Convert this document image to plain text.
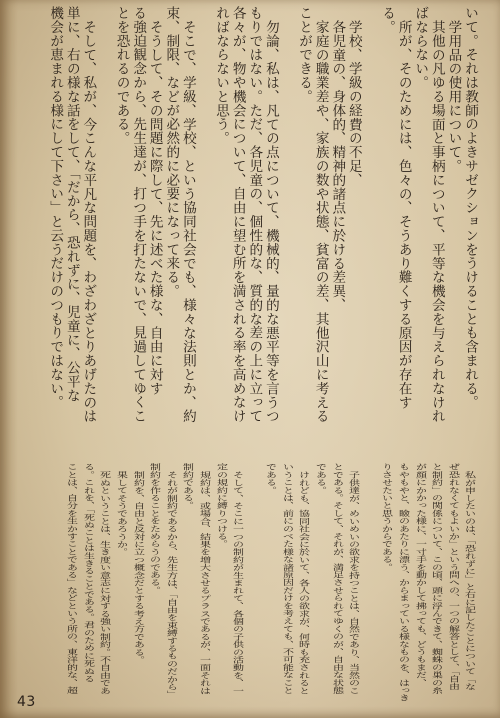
いて。それは教師のよきサゼクションをうけることも含まれる。
学用品の使用について。
其他の凡ゆる場面と事柄について、平等な機会を与えられなけれ
ばならない。
所が、そのためには、色々の、そうあり難くする原因が存在す
る。
学校、学級の経費の不足、
各児童の、身体的、精神的諸点に於ける差異、
家庭の職業差や、家族の数や状態、貧富の差、其他沢山に考える
ことができる。
勿論、私は、凡ての点について、機械的、量的な悪平等を言うつ
もりではない。ただ、各児童の、個性的な、質的な差の上に立って
各々が、物や機会について、自由に望む所を満される率を高めなけ
ればならないと思う。
そこで、学級、学校、という協同社会でも、様々な法則とか、約
束、制限、などが必然的に必要になって来る。
そうして、その問題に際して、先に述べた様な、自由に対す
る強迫観念から、先生達が、打つ手を打たないで、見過してゆくこ
とを恐れるのである。
そして、私が、今こんな平凡な問題を、わざわざとりあげたのは
単に、右の様な話をして、「だから、恐れずに、児童に、公平な
機会が恵まれる様にして下さい」と云うだけのつもりではない。
私が申したいのは、「恐れずに」と右に記したことについて「な
ぜ恐れなくてもよいか」という問への、一つの解答として、「自由
と制約」の関係について、この頃、頭に浮んできて、蜘蛛の巣の糸
が顔にかかった様に、一寸手を動かして拂っても、どうもまだ、
もやもやと、瞼のあたりに漂う、からまっている様なものを、はっき
りさせたいと思うからである。
子供達が、めいめいの欲求を持つことは、自然であり、当然のこ
とである。そして、それが、満足させられてゆくのが、自由な状態
である。
けれども、協同社会に於いて、各人の欲求が、何時も充されると
いうことは、前にのべた様な諸原因だけを考えても、不可能なこと
である。
そして、そこに一つの制約が生まれて、各個の子供の活動を、一
定の規約に縛りつける。
規約は、或場合、結果を増大させるプラスであるが、一面それは
制約である。
それが制約であるから、先生方は、「自由を束縛するものだから」
制約を作ることをためらうのである。
制約を、自由と反対に立つ概念だとする考え方である。
果してそうであろうか。
死ぬということは、生き度い意志に対する強い制約。不自由であ
る。これを、「死ぬことは生きることである。君のために死ぬる
ことは、自分を生かすことである」などという所の、東洋的な、超
43
